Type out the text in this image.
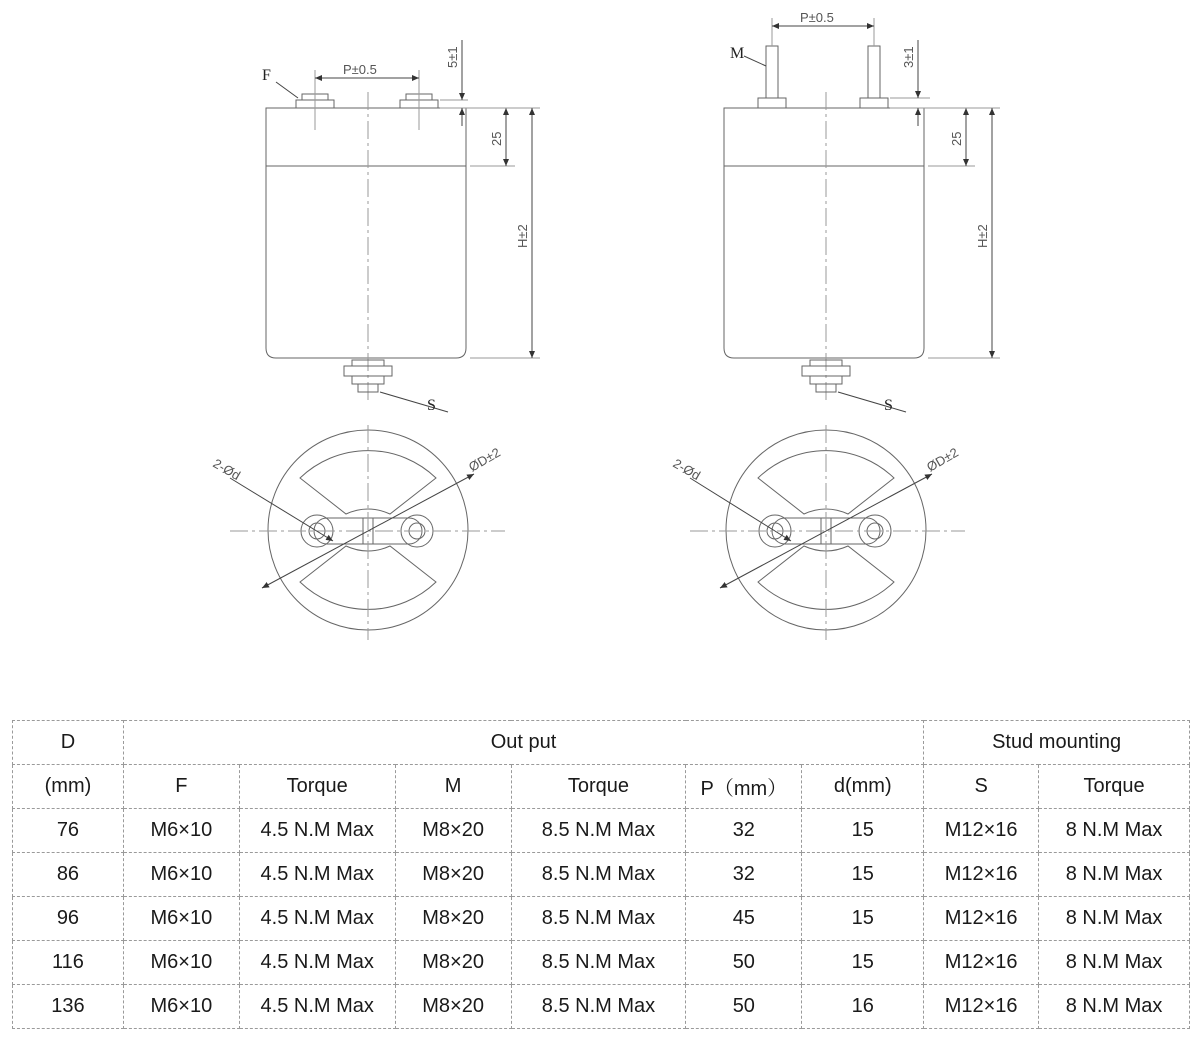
F	P±0.5
5±1
25
H±2
S
2-Ød	ØD±2
M
P±0.5
3±1
25
H±2
S
2-Ød	ØD±2
D	Out put						Stud mounting	
(mm)	F	Torque	M	Torque	P（mm）	d(mm)	S	Torque
76	M6×10	4.5 N.M Max	M8×20	8.5 N.M Max	32	15	M12×16	8 N.M Max
86	M6×10	4.5 N.M Max	M8×20	8.5 N.M Max	32	15	M12×16	8 N.M Max
96	M6×10	4.5 N.M Max	M8×20	8.5 N.M Max	45	15	M12×16	8 N.M Max
116	M6×10	4.5 N.M Max	M8×20	8.5 N.M Max	50	15	M12×16	8 N.M Max
136	M6×10	4.5 N.M Max	M8×20	8.5 N.M Max	50	16	M12×16	8 N.M Max
